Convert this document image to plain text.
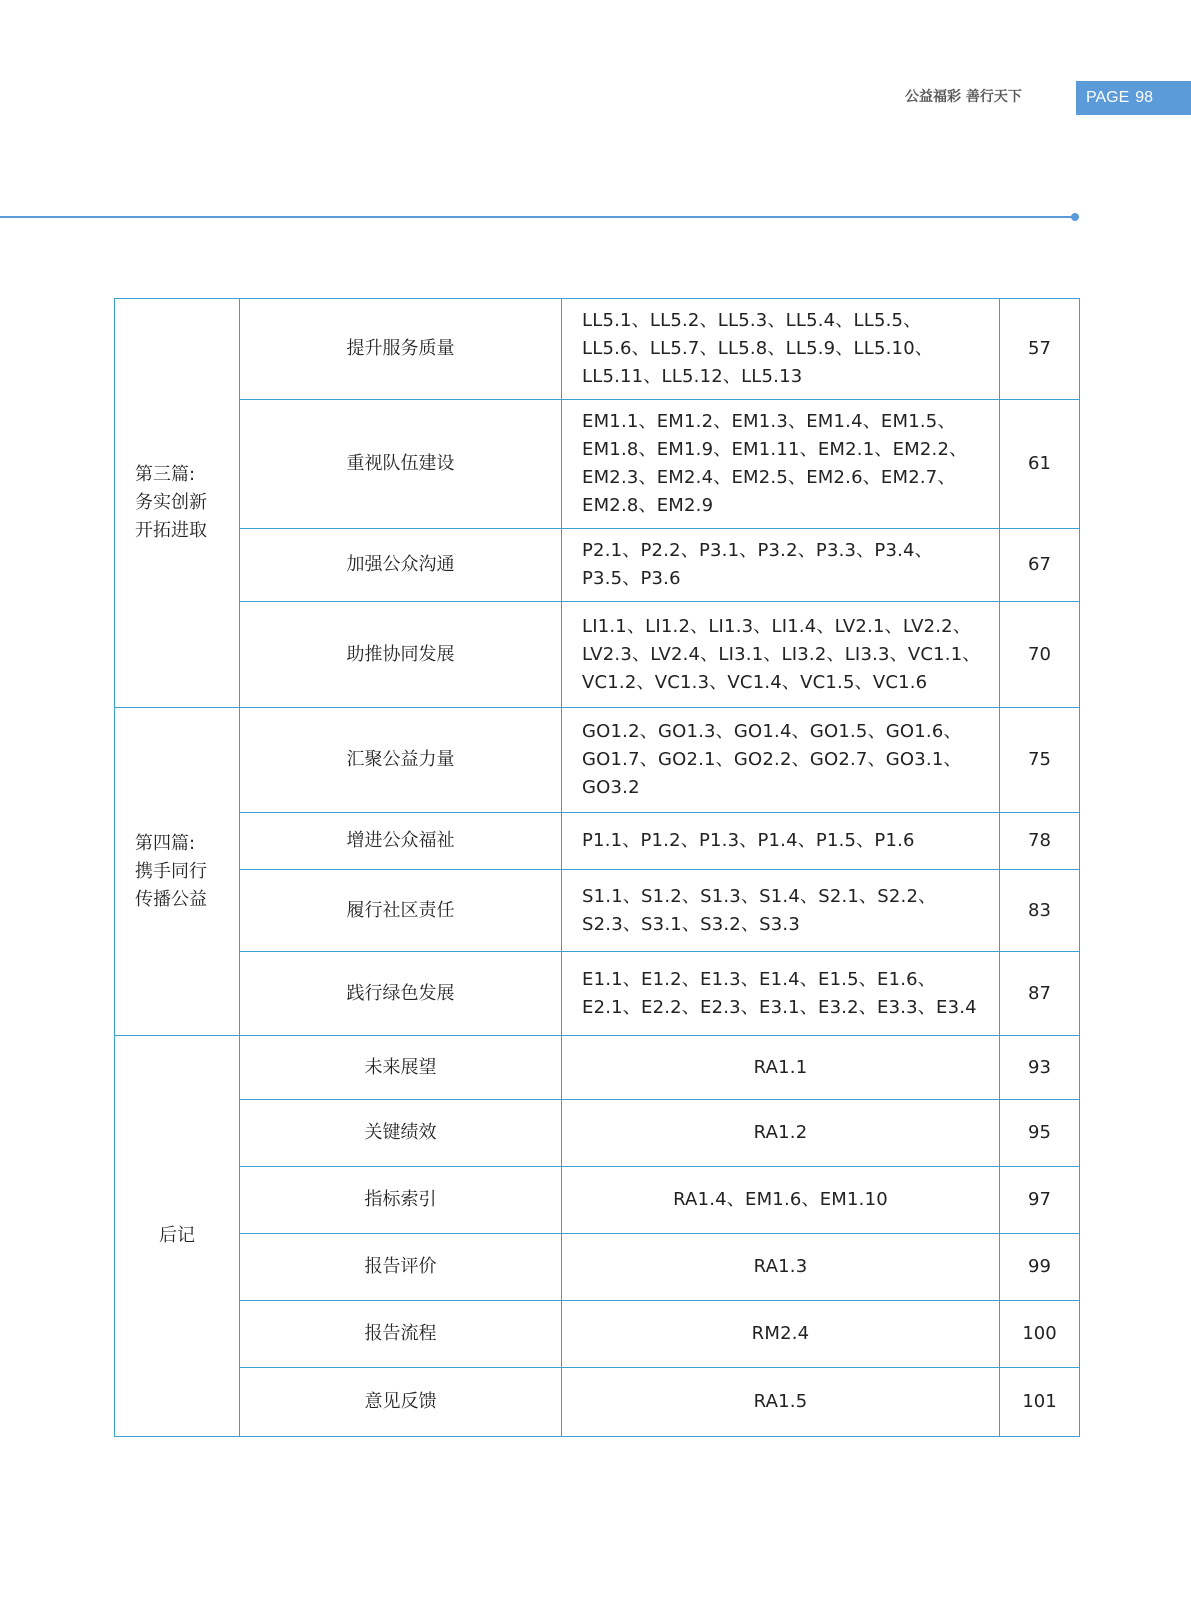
公益福彩 善行天下	PAGE 98
第三篇:
务实创新
开拓进取	提升服务质量	LL5.1、LL5.2、LL5.3、LL5.4、LL5.5、LL5.6、LL5.7、LL5.8、LL5.9、LL5.10、LL5.11、LL5.12、LL5.13	57
	重视队伍建设	EM1.1、EM1.2、EM1.3、EM1.4、EM1.5、EM1.8、EM1.9、EM1.11、EM2.1、EM2.2、EM2.3、EM2.4、EM2.5、EM2.6、EM2.7、EM2.8、EM2.9	61
	加强公众沟通	P2.1、P2.2、P3.1、P3.2、P3.3、P3.4、P3.5、P3.6	67
	助推协同发展	LI1.1、LI1.2、LI1.3、LI1.4、LV2.1、LV2.2、LV2.3、LV2.4、LI3.1、LI3.2、LI3.3、VC1.1、VC1.2、VC1.3、VC1.4、VC1.5、VC1.6	70

第四篇:
携手同行
传播公益	汇聚公益力量	GO1.2、GO1.3、GO1.4、GO1.5、GO1.6、GO1.7、GO2.1、GO2.2、GO2.7、GO3.1、GO3.2	75
	增进公众福祉	P1.1、P1.2、P1.3、P1.4、P1.5、P1.6	78
	履行社区责任	S1.1、S1.2、S1.3、S1.4、S2.1、S2.2、S2.3、S3.1、S3.2、S3.3	83
	践行绿色发展	E1.1、E1.2、E1.3、E1.4、E1.5、E1.6、E2.1、E2.2、E2.3、E3.1、E3.2、E3.3、E3.4	87

后记	未来展望	RA1.1	93
	关键绩效	RA1.2	95
	指标索引	RA1.4、EM1.6、EM1.10	97
	报告评价	RA1.3	99
	报告流程	RM2.4	100
	意见反馈	RA1.5	101
